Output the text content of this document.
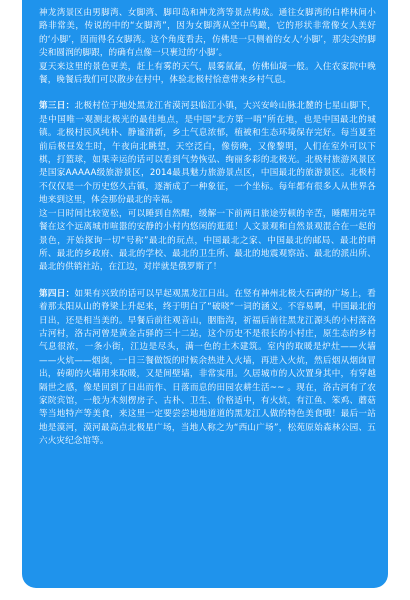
神龙湾景区由男脚湾、女脚湾、脚印岛和神龙湾等景点构成。通往女脚湾的白桦林间小路非常美，传说的中的“女脚湾”，因为女脚湾从空中鸟瞰，它的形状非常像女人美好的‘小脚’，因而得名女脚湾。这个角度看去，仿佛是一只侧着的女人‘小脚’，那尖尖的脚尖和圆润的脚跟，的确有点像一只裹过的‘小脚’。

夏天来这里的景色更美，赶上有雾的天气，晨雾氤氲，仿佛仙境一般。入住农家院中晚餐，晚餐后我们可以散步在村中，体验北极村恰意带来乡村气息。

第三日：北极村位于地处黑龙江省漠河县临江小镇，大兴安岭山脉北麓的七星山脚下，是中国唯一观测北极光的最佳地点，是中国“北方第一哨”所在地，也是中国最北的城镇。北极村民风纯朴、静谧清新，乡土气息浓郁，植被和生态环境保存完好。每当夏至前后极昼发生时，午夜向北眺望，天空泛白，像傍晚，又像黎明，人们在室外可以下棋，打篮球，如果幸运的话可以看到气势恢弘、绚丽多彩的北极光。北极村旅游风景区是国家AAAAA级旅游景区，2014最具魅力旅游景点区，中国最北的旅游景区。北极村不仅仅是一个历史悠久古镇，逐渐成了一种象征，一个坐标。每年都有很多人从世界各地来到这里，体会那份最北的幸福。

这一日时间比较宽松，可以睡到自然醒，缓解一下前两日旅途劳顿的辛苦，睡醒用完早餐在这个远离城市喧嚣的安静的小村内悠闲的逛逛！人文景观和自然景观混合在一起的景色，开始探询一切“号称”最北的玩点，中国最北之家、中国最北的邮局、最北的哨所、最北的乡政府、最北的学校、最北的卫生所、最北的地震观察站、最北的派出所、最北的供销社站，在江边，对岸就是俄罗斯了！

第四日：如果有兴致的话可以早起观黑龙江日出。在竖有神州北极大石碑的广场上，看着那太阳从山的脊梁上升起来，终于明白了“破晓”一词的涵义。不容易啊，中国最北的日出，还是相当美的。早餐后前往观音山，胭脂沟，祈福后前往黑龙江源头的小村落洛古河村，洛古河曾是黄金古驿的三十二站，这个历史不是很长的小村庄，原生态的乡村气息很浓，一条小街，江边是尽头，满一色的土木建筑。室内的取暖是炉灶——火墙——火炕——烟囱，一日三餐做饭的时候余热进入火墙，再进入火炕，然后烟从烟囱冒出，砖砌的火墙用来取暖，又是间壁墙，非常实用。久居城市的人次置身其中，有穿越隔世之感，像是回到了日出而作、日落而息的田园农耕生活~~ 。现在，洛古河有了农家院宾馆，一般为木刻楞房子、古朴、卫生、价格适中，有火炕，有江鱼、笨鸡、蘑菇等当地特产等美食，来这里一定要尝尝地地道道的黑龙江人做的特色美食哦！最后一站地是漠河，漠河最高点北极星广场，当地人称之为“西山广场”，松苑原始森林公园、五六火灾纪念馆等。
